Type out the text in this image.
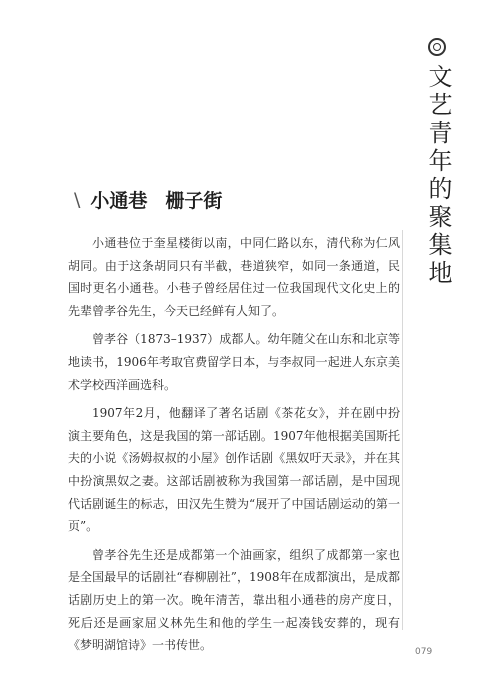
文艺青年的聚集地
\ 小通巷 栅子街

小通巷位于奎星楼街以南，中同仁路以东，清代称为仁风胡同。由于这条胡同只有半截，巷道狭窄，如同一条通道，民国时更名小通巷。小巷子曾经居住过一位我国现代文化史上的先辈曾孝谷先生，今天已经鲜有人知了。

曾孝谷（1873–1937）成都人。幼年随父在山东和北京等地读书，1906年考取官费留学日本，与李叔同一起进人东京美术学校西洋画选科。

1907年2月，他翻译了著名话剧《茶花女》，并在剧中扮演主要角色，这是我国的第一部话剧。1907年他根据美国斯托夫的小说《汤姆叔叔的小屋》创作话剧《黑奴吁天录》，并在其中扮演黑奴之妻。这部话剧被称为我国第一部话剧，是中国现代话剧诞生的标志，田汉先生赞为“展开了中国话剧运动的第一页”。

曾孝谷先生还是成都第一个油画家，组织了成都第一家也是全国最早的话剧社“春柳剧社”，1908年在成都演出，是成都话剧历史上的第一次。晚年清苦，靠出租小通巷的房产度日，死后还是画家屈义林先生和他的学生一起凑钱安葬的，现有《梦明湖馆诗》一书传世。	079
